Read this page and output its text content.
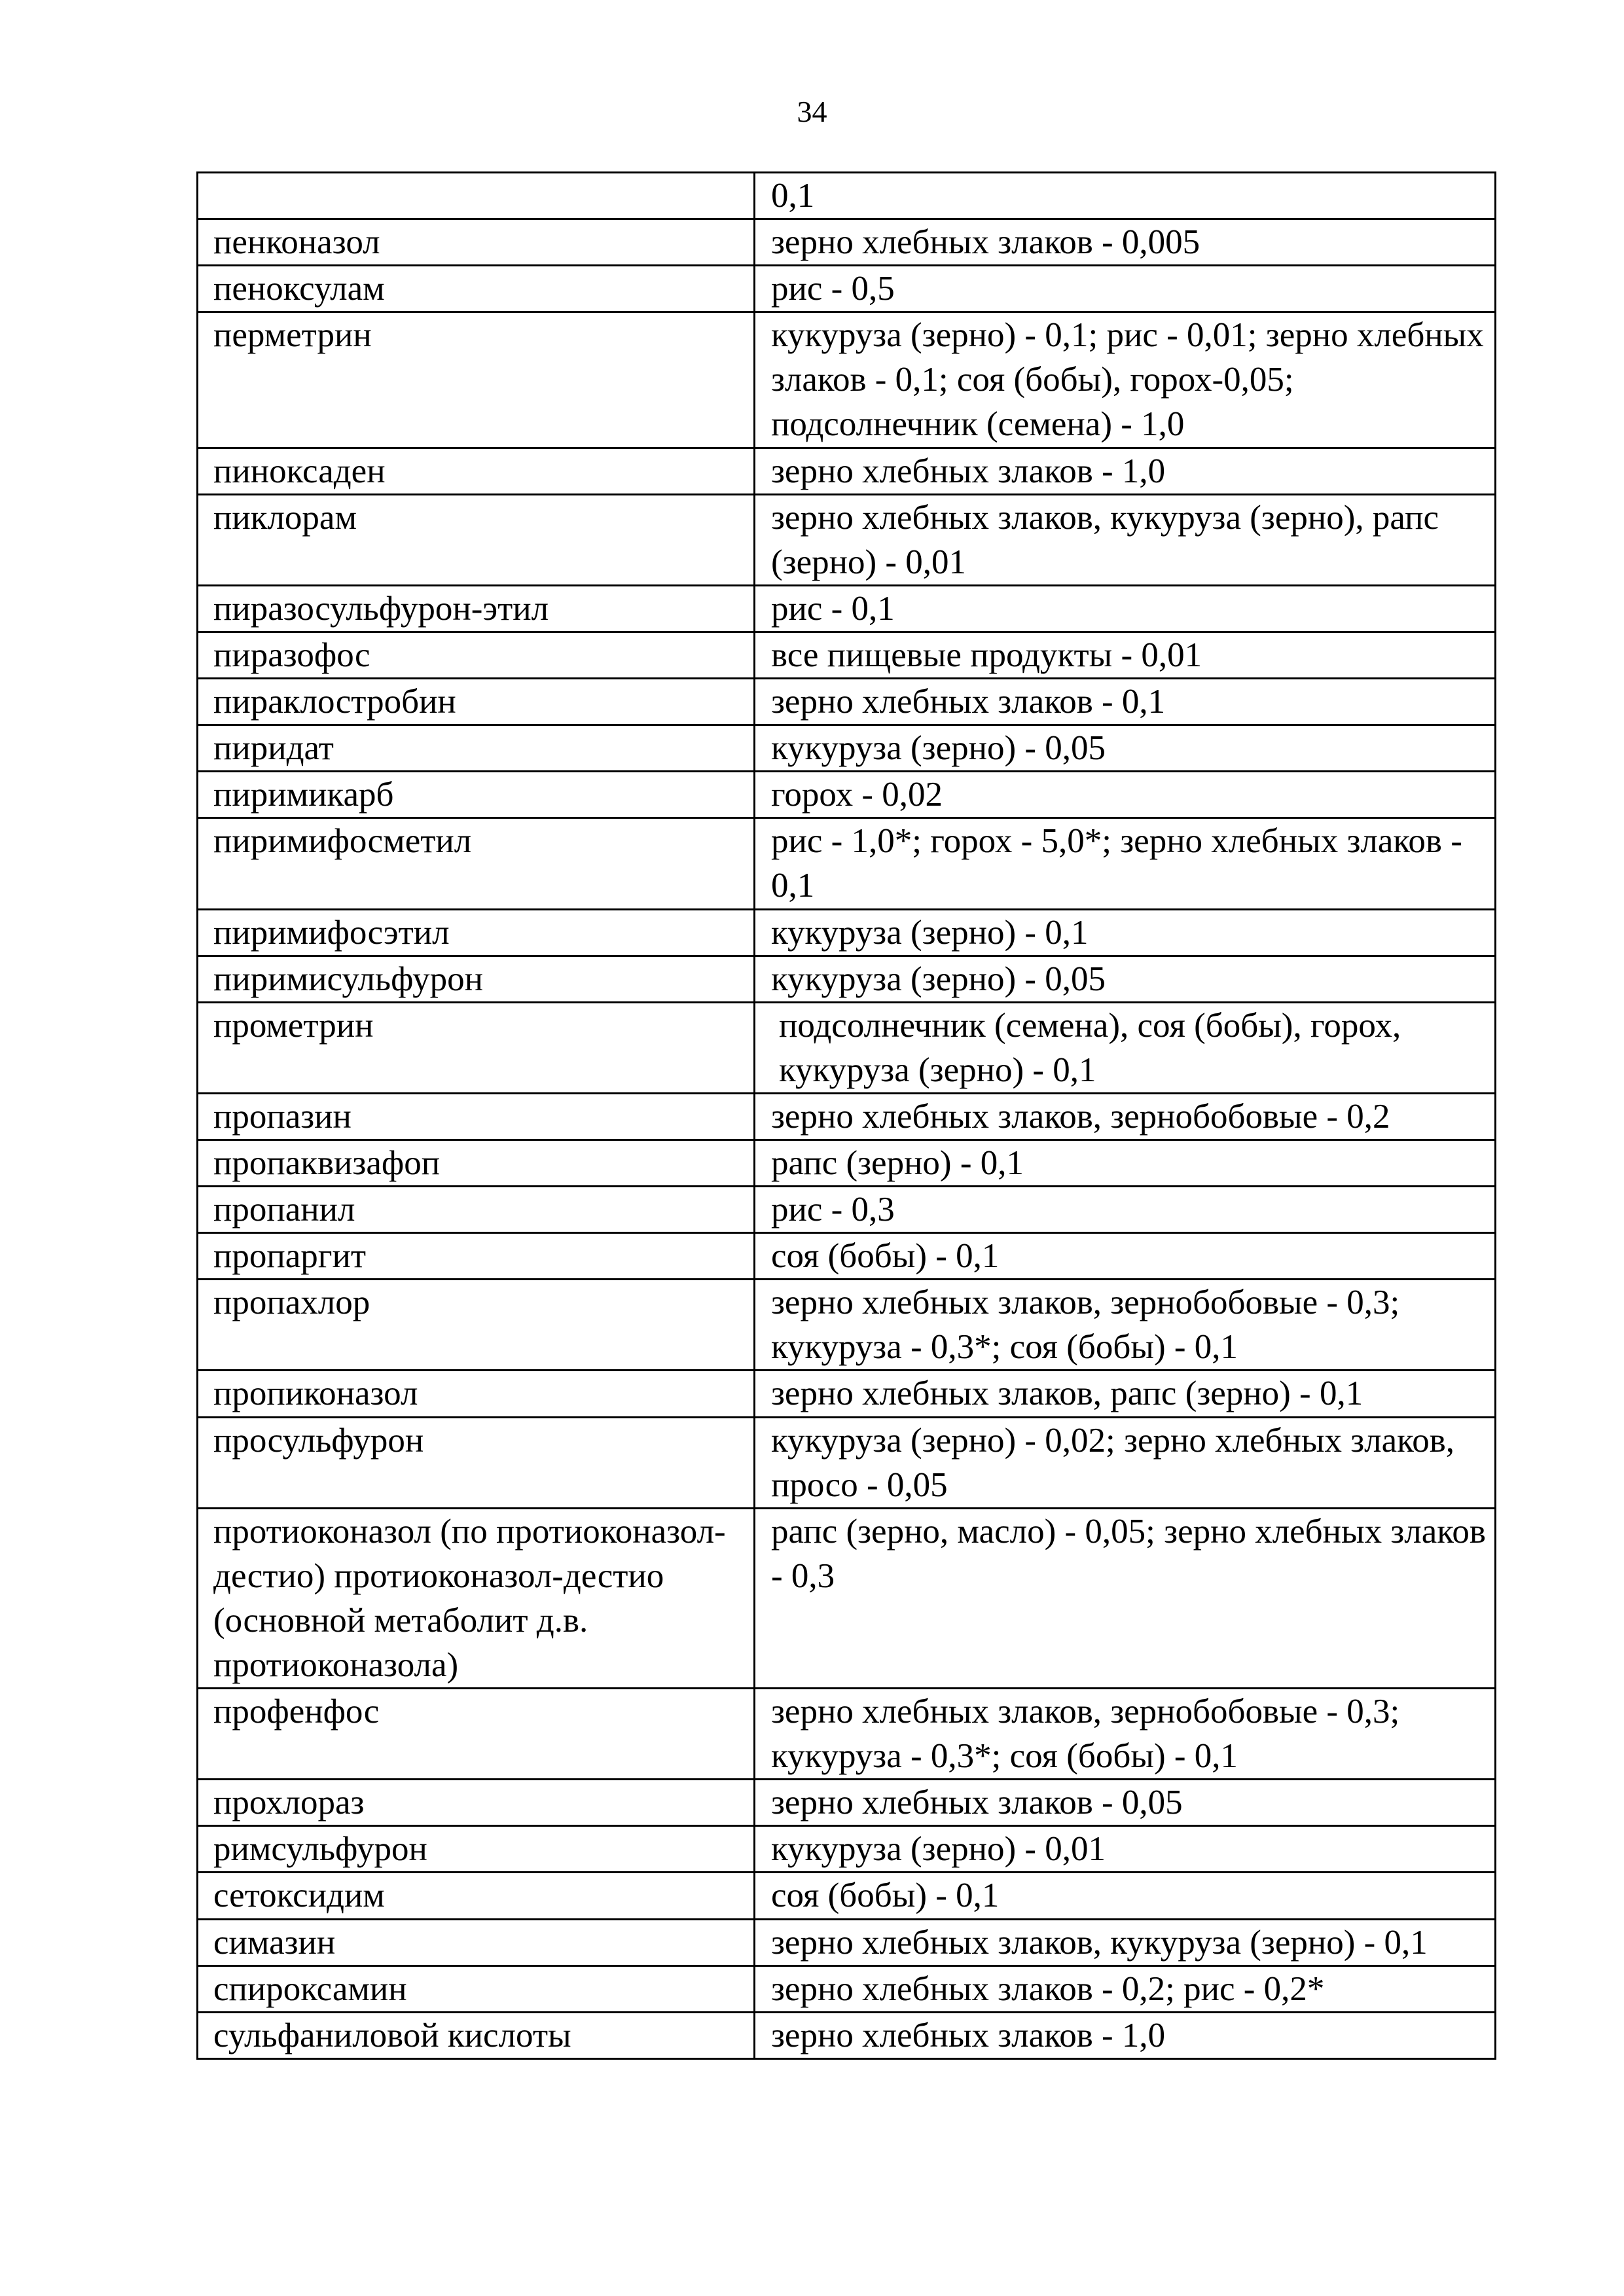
34
	0,1
пенконазол	зерно хлебных злаков - 0,005
пеноксулам	рис - 0,5
перметрин	кукуруза (зерно) - 0,1; рис - 0,01; зерно хлебных злаков - 0,1; соя (бобы), горох-0,05; подсолнечник (семена) - 1,0
пиноксаден	зерно хлебных злаков - 1,0
пиклорам	зерно хлебных злаков, кукуруза (зерно), рапс (зерно) - 0,01
пиразосульфурон-этил	рис - 0,1
пиразофос	все пищевые продукты - 0,01
пираклостробин	зерно хлебных злаков - 0,1
пиридат	кукуруза (зерно) - 0,05
пиримикарб	горох - 0,02
пиримифосметил	рис - 1,0*; горох - 5,0*; зерно хлебных злаков - 0,1
пиримифосэтил	кукуруза (зерно) - 0,1
пиримисульфурон	кукуруза (зерно) - 0,05
прометрин	подсолнечник (семена), соя (бобы), горох, кукуруза (зерно) - 0,1
пропазин	зерно хлебных злаков, зернобобовые - 0,2
пропаквизафоп	рапс (зерно) - 0,1
пропанил	рис - 0,3
пропаргит	соя (бобы) - 0,1
пропахлор	зерно хлебных злаков, зернобобовые - 0,3; кукуруза - 0,3*; соя (бобы) - 0,1
пропиконазол	зерно хлебных злаков, рапс (зерно) - 0,1
просульфурон	кукуруза (зерно) - 0,02; зерно хлебных злаков, просо - 0,05
протиоконазол (по протиоконазол-дестио) протиоконазол-дестио (основной метаболит д.в. протиоконазола)	рапс (зерно, масло) - 0,05; зерно хлебных злаков - 0,3
профенфос	зерно хлебных злаков, зернобобовые - 0,3; кукуруза - 0,3*; соя (бобы) - 0,1
прохлораз	зерно хлебных злаков - 0,05
римсульфурон	кукуруза (зерно) - 0,01
сетоксидим	соя (бобы) - 0,1
симазин	зерно хлебных злаков, кукуруза (зерно) - 0,1
спироксамин	зерно хлебных злаков - 0,2; рис - 0,2*
сульфаниловой кислоты	зерно хлебных злаков - 1,0
